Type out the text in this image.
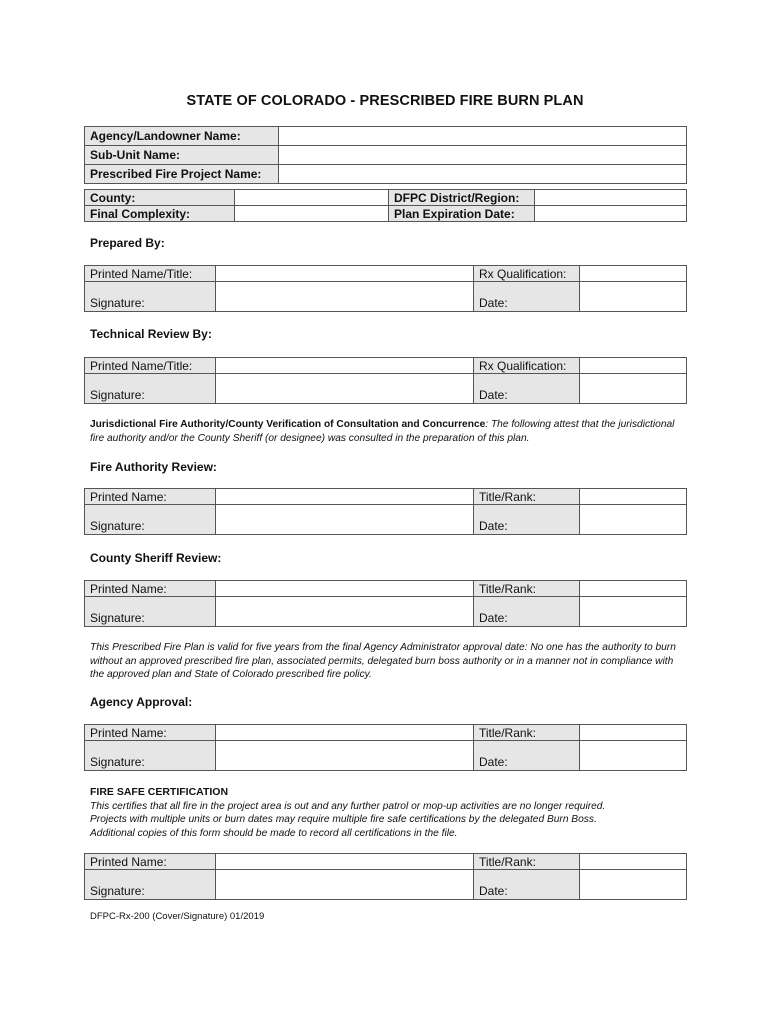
STATE OF COLORADO - PRESCRIBED FIRE BURN PLAN
Agency/Landowner Name:	
Sub-Unit Name:	
Prescribed Fire Project Name:	
County:		DFPC District/Region:	
Final Complexity:		Plan Expiration Date:	
Prepared By:
Printed Name/Title:		Rx Qualification:	
Signature:		Date:	
Technical Review By:
Printed Name/Title:		Rx Qualification:	
Signature:		Date:	
Jurisdictional Fire Authority/County Verification of Consultation and Concurrence: The following attest that the jurisdictional fire authority and/or the County Sheriff (or designee) was consulted in the preparation of this plan.
Fire Authority Review:
Printed Name:		Title/Rank:	
Signature:		Date:	
County Sheriff Review:
Printed Name:		Title/Rank:	
Signature:		Date:	
This Prescribed Fire Plan is valid for five years from the final Agency Administrator approval date: No one has the authority to burn without an approved prescribed fire plan, associated permits, delegated burn boss authority or in a manner not in compliance with the approved plan and State of Colorado prescribed fire policy.
Agency Approval:
Printed Name:		Title/Rank:	
Signature:		Date:	
FIRE SAFE CERTIFICATION
This certifies that all fire in the project area is out and any further patrol or mop-up activities are no longer required.
Projects with multiple units or burn dates may require multiple fire safe certifications by the delegated Burn Boss.
Additional copies of this form should be made to record all certifications in the file.
Printed Name:		Title/Rank:	
Signature:		Date:	
DFPC-Rx-200 (Cover/Signature) 01/2019
